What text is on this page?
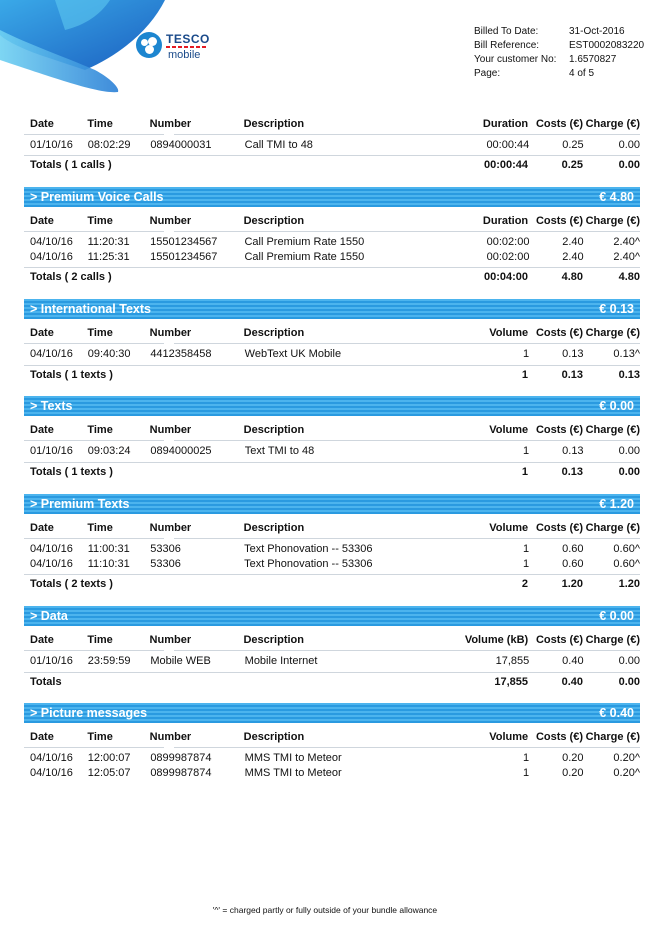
TESCO
mobile
Billed To Date:	31-Oct-2016
Bill Reference:	EST0002083220
Your customer No:	1.6570827
Page:	4 of 5
Date	Time	Number	Description	Duration	Costs (€)	Charge (€)
01/10/16	08:02:29	0894000031	Call TMI to 48	00:00:44	0.25	0.00
Totals ( 1 calls )	00:00:44	0.25	0.00
> Premium Voice Calls	€ 4.80
Date	Time	Number	Description	Duration	Costs (€)	Charge (€)
04/10/16	11:20:31	15501234567	Call Premium Rate 1550	00:02:00	2.40	2.40^
04/10/16	11:25:31	15501234567	Call Premium Rate 1550	00:02:00	2.40	2.40^
Totals ( 2 calls )	00:04:00	4.80	4.80
> International Texts	€ 0.13
Date	Time	Number	Description	Volume	Costs (€)	Charge (€)
04/10/16	09:40:30	4412358458	WebText UK Mobile	1	0.13	0.13^
Totals ( 1 texts )	1	0.13	0.13
> Texts	€ 0.00
Date	Time	Number	Description	Volume	Costs (€)	Charge (€)
01/10/16	09:03:24	0894000025	Text TMI to 48	1	0.13	0.00
Totals ( 1 texts )	1	0.13	0.00
> Premium Texts	€ 1.20
Date	Time	Number	Description	Volume	Costs (€)	Charge (€)
04/10/16	11:00:31	53306	Text Phonovation -- 53306	1	0.60	0.60^
04/10/16	11:10:31	53306	Text Phonovation -- 53306	1	0.60	0.60^
Totals ( 2 texts )	2	1.20	1.20
> Data	€ 0.00
Date	Time	Number	Description	Volume (kB)	Costs (€)	Charge (€)
01/10/16	23:59:59	Mobile WEB	Mobile Internet	17,855	0.40	0.00
Totals	17,855	0.40	0.00
> Picture messages	€ 0.40
Date	Time	Number	Description	Volume	Costs (€)	Charge (€)
04/10/16	12:00:07	0899987874	MMS TMI to Meteor	1	0.20	0.20^
04/10/16	12:05:07	0899987874	MMS TMI to Meteor	1	0.20	0.20^
'^' = charged partly or fully outside of your bundle allowance
